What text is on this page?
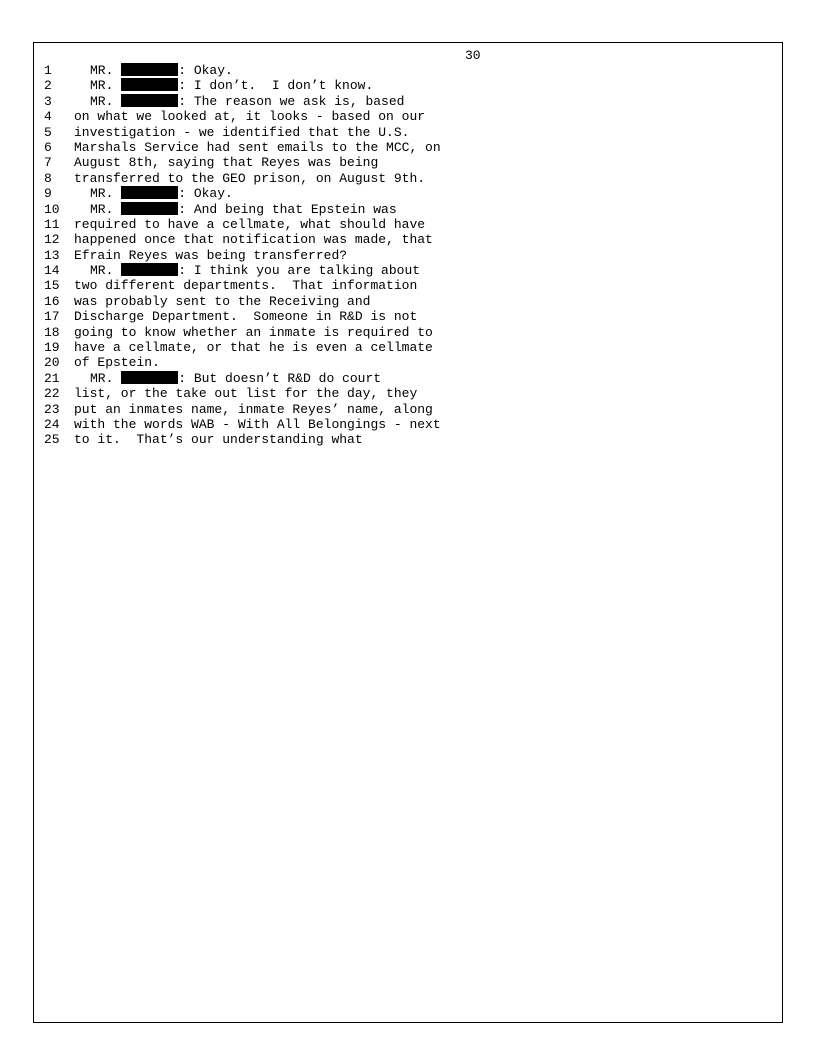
30
1	MR.	: Okay.
2	MR.	: I don’t.  I don’t know.
3	MR.	: The reason we ask is, based
4	on what we looked at, it looks - based on our
5	investigation - we identified that the U.S.
6	Marshals Service had sent emails to the MCC, on
7	August 8th, saying that Reyes was being
8	transferred to the GEO prison, on August 9th.
9	MR.	: Okay.
10	MR.	: And being that Epstein was
11	required to have a cellmate, what should have
12	happened once that notification was made, that
13	Efrain Reyes was being transferred?
14	MR.	: I think you are talking about
15	two different departments.  That information
16	was probably sent to the Receiving and
17	Discharge Department.  Someone in R&D is not
18	going to know whether an inmate is required to
19	have a cellmate, or that he is even a cellmate
20	of Epstein.
21	MR.	: But doesn’t R&D do court
22	list, or the take out list for the day, they
23	put an inmates name, inmate Reyes’ name, along
24	with the words WAB - With All Belongings - next
25	to it.  That’s our understanding what
